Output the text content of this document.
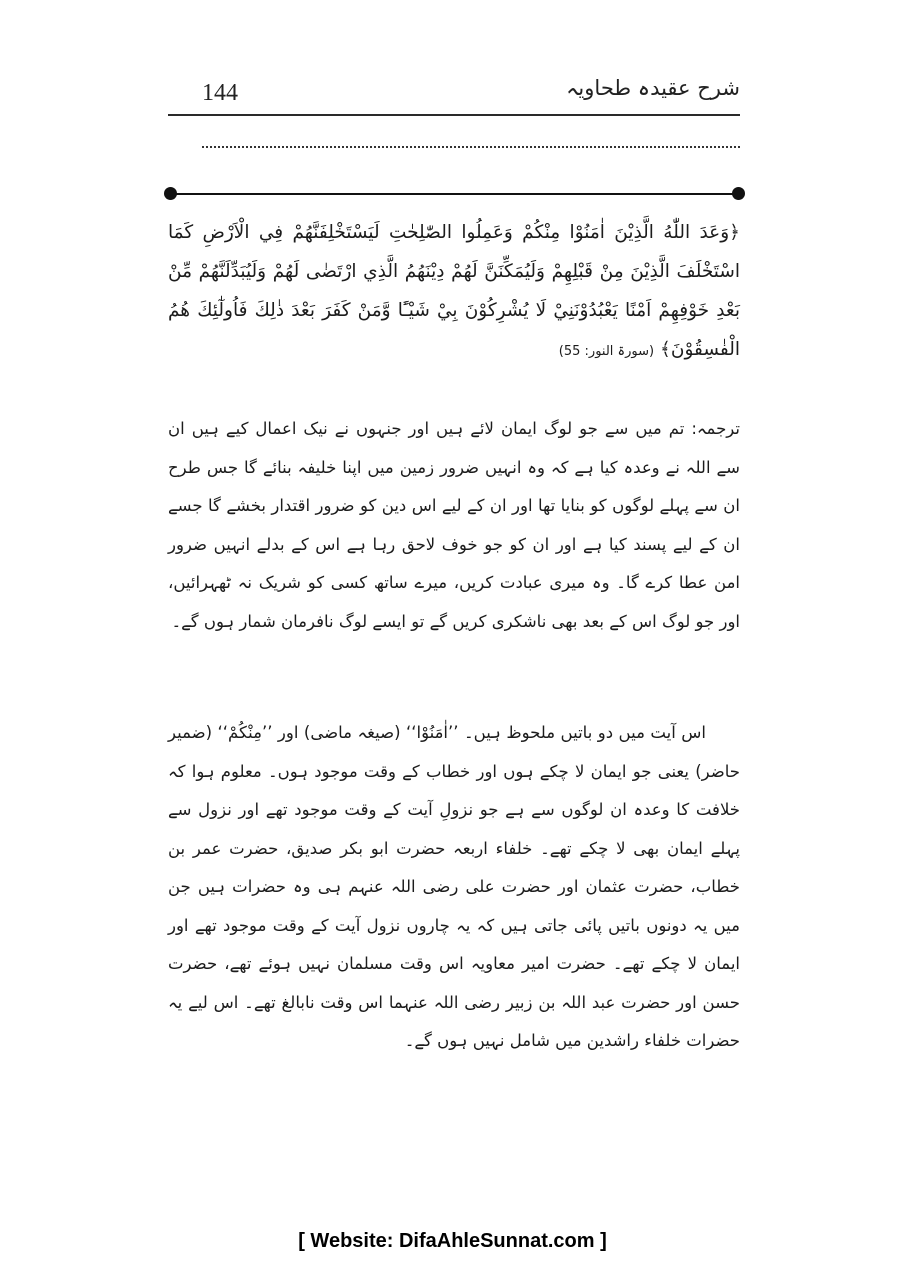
144	شرح عقیدہ طحاویہ

﴿وَعَدَ اللّٰهُ الَّذِيْنَ اٰمَنُوْا مِنْكُمْ وَعَمِلُوا الصّٰلِحٰتِ لَيَسْتَخْلِفَنَّهُمْ فِي الْاَرْضِ كَمَا اسْتَخْلَفَ الَّذِيْنَ مِنْ قَبْلِهِمْ وَلَيُمَكِّنَنَّ لَهُمْ دِيْنَهُمُ الَّذِي ارْتَضٰى لَهُمْ وَلَيُبَدِّلَنَّهُمْ مِّنْ بَعْدِ خَوْفِهِمْ اَمْنًا يَعْبُدُوْنَنِيْ لَا يُشْرِكُوْنَ بِيْ شَيْـًٔا وَّمَنْ كَفَرَ بَعْدَ ذٰلِكَ فَاُولٰٓئِكَ هُمُ الْفٰسِقُوْنَ﴾ (سورۃ النور: 55)

ترجمہ: تم میں سے جو لوگ ایمان لائے ہیں اور جنہوں نے نیک اعمال کیے ہیں ان سے اللہ نے وعدہ کیا ہے کہ وہ انہیں ضرور زمین میں اپنا خلیفہ بنائے گا جس طرح ان سے پہلے لوگوں کو بنایا تھا اور ان کے لیے اس دین کو ضرور اقتدار بخشے گا جسے ان کے لیے پسند کیا ہے اور ان کو جو خوف لاحق رہا ہے اس کے بدلے انہیں ضرور امن عطا کرے گا۔ وہ میری عبادت کریں، میرے ساتھ کسی کو شریک نہ ٹھہرائیں، اور جو لوگ اس کے بعد بھی ناشکری کریں گے تو ایسے لوگ نافرمان شمار ہوں گے۔

اس آیت میں دو باتیں ملحوظ ہیں۔ ’’اٰمَنُوْا‘‘ (صیغہ ماضی) اور ’’مِنْكُمْ‘‘ (ضمیر حاضر) یعنی جو ایمان لا چکے ہوں اور خطاب کے وقت موجود ہوں۔ معلوم ہوا کہ خلافت کا وعدہ ان لوگوں سے ہے جو نزولِ آیت کے وقت موجود تھے اور نزول سے پہلے ایمان بھی لا چکے تھے۔ خلفاء اربعہ حضرت ابو بکر صدیق، حضرت عمر بن خطاب، حضرت عثمان اور حضرت علی رضی اللہ عنہم ہی وہ حضرات ہیں جن میں یہ دونوں باتیں پائی جاتی ہیں کہ یہ چاروں نزول آیت کے وقت موجود تھے اور ایمان لا چکے تھے۔ حضرت امیر معاویہ اس وقت مسلمان نہیں ہوئے تھے، حضرت حسن اور حضرت عبد اللہ بن زبیر رضی اللہ عنہما اس وقت نابالغ تھے۔ اس لیے یہ حضرات خلفاء راشدین میں شامل نہیں ہوں گے۔

[ Website: DifaAhleSunnat.com ]
